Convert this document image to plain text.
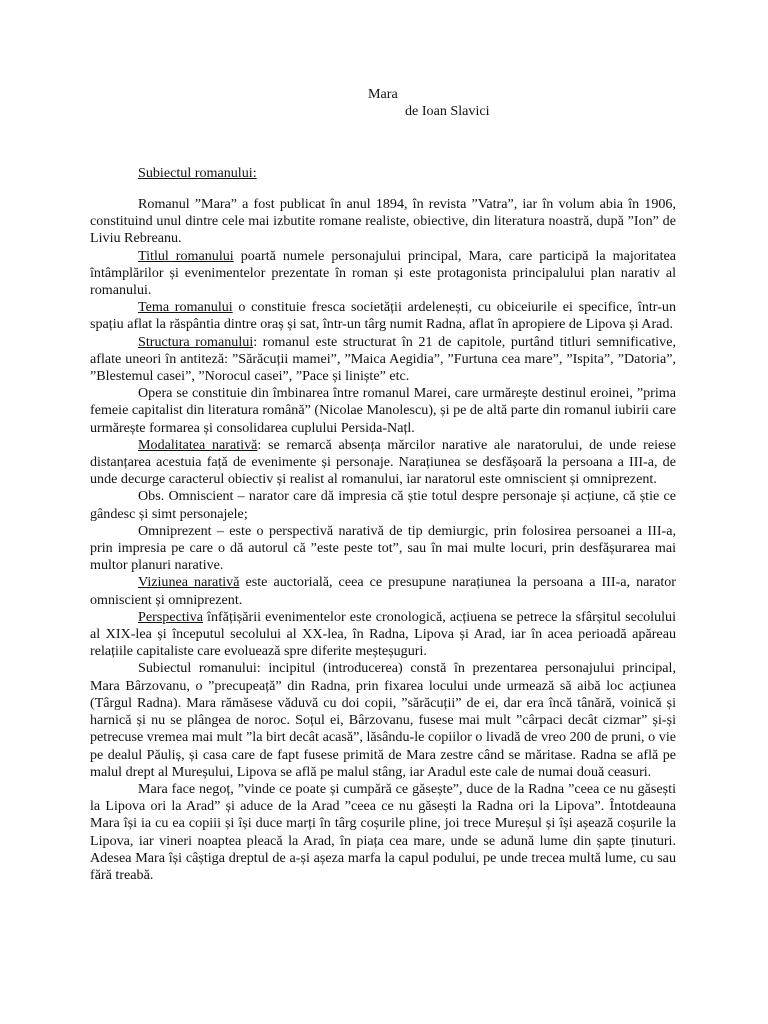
Mara
de Ioan Slavici
Subiectul romanului:

Romanul ”Mara” a fost publicat în anul 1894, în revista ”Vatra”, iar în volum abia în 1906, constituind unul dintre cele mai izbutite romane realiste, obiective, din literatura noastră, după ”Ion” de Liviu Rebreanu.

Titlul romanului poartă numele personajului principal, Mara, care participă la majoritatea întâmplărilor și evenimentelor prezentate în roman și este protagonista principalului plan narativ al romanului.

Tema romanului o constituie fresca societății ardelenești, cu obiceiurile ei specifice, într-un spațiu aflat la răspântia dintre oraș și sat, într-un târg numit Radna, aflat în apropiere de Lipova și Arad.

Structura romanului: romanul este structurat în 21 de capitole, purtând titluri semnificative, aflate uneori în antiteză: ”Sărăcuții mamei”, ”Maica Aegidia”, ”Furtuna cea mare”, ”Ispita”, ”Datoria”, ”Blestemul casei”, ”Norocul casei”, ”Pace și liniște” etc.

Opera se constituie din îmbinarea între romanul Marei, care urmărește destinul eroinei, ”prima femeie capitalist din literatura română” (Nicolae Manolescu), și pe de altă parte din romanul iubirii care urmărește formarea și consolidarea cuplului Persida-Națl.

Modalitatea narativă: se remarcă absența mărcilor narative ale naratorului, de unde reiese distanțarea acestuia față de evenimente și personaje. Narațiunea se desfășoară la persoana a III-a, de unde decurge caracterul obiectiv și realist al romanului, iar naratorul este omniscient și omniprezent.

Obs. Omniscient – narator care dă impresia că știe totul despre personaje și acțiune, că știe ce gândesc și simt personajele;

Omniprezent – este o perspectivă narativă de tip demiurgic, prin folosirea persoanei a III-a, prin impresia pe care o dă autorul că ”este peste tot”, sau în mai multe locuri, prin desfășurarea mai multor planuri narative.

Viziunea narativă este auctorială, ceea ce presupune narațiunea la persoana a III-a, narator omniscient și omniprezent.

Perspectiva înfățișării evenimentelor este cronologică, acțiuena se petrece la sfârșitul secolului al XIX-lea și începutul secolului al XX-lea, în Radna, Lipova și Arad, iar în acea perioadă apăreau relațiile capitaliste care evoluează spre diferite meșteșuguri.

Subiectul romanului: incipitul (introducerea) constă în prezentarea personajului principal, Mara Bârzovanu, o ”precupeață” din Radna, prin fixarea locului unde urmează să aibă loc acțiunea (Târgul Radna). Mara rămăsese văduvă cu doi copii, ”sărăcuții” de ei, dar era încă tânără, voinică și harnică și nu se plângea de noroc. Soțul ei, Bârzovanu, fusese mai mult ”cârpaci decât cizmar” și-și petrecuse vremea mai mult ”la birt decât acasă”, lăsându-le copiilor o livadă de vreo 200 de pruni, o vie pe dealul Păuliș, și casa care de fapt fusese primită de Mara zestre când se măritase. Radna se află pe malul drept al Mureșului, Lipova se află pe malul stâng, iar Aradul este cale de numai două ceasuri.

Mara face negoț, ”vinde ce poate și cumpără ce găsește”, duce de la Radna ”ceea ce nu găsești la Lipova ori la Arad” și aduce de la Arad ”ceea ce nu găsești la Radna ori la Lipova”. Întotdeauna Mara își ia cu ea copiii și își duce marți în târg coșurile pline, joi trece Mureșul și își așează coșurile la Lipova, iar vineri noaptea pleacă la Arad, în piața cea mare, unde se adună lume din șapte ținuturi. Adesea Mara își câștiga dreptul de a-și așeza marfa la capul podului, pe unde trecea multă lume, cu sau fără treabă.
